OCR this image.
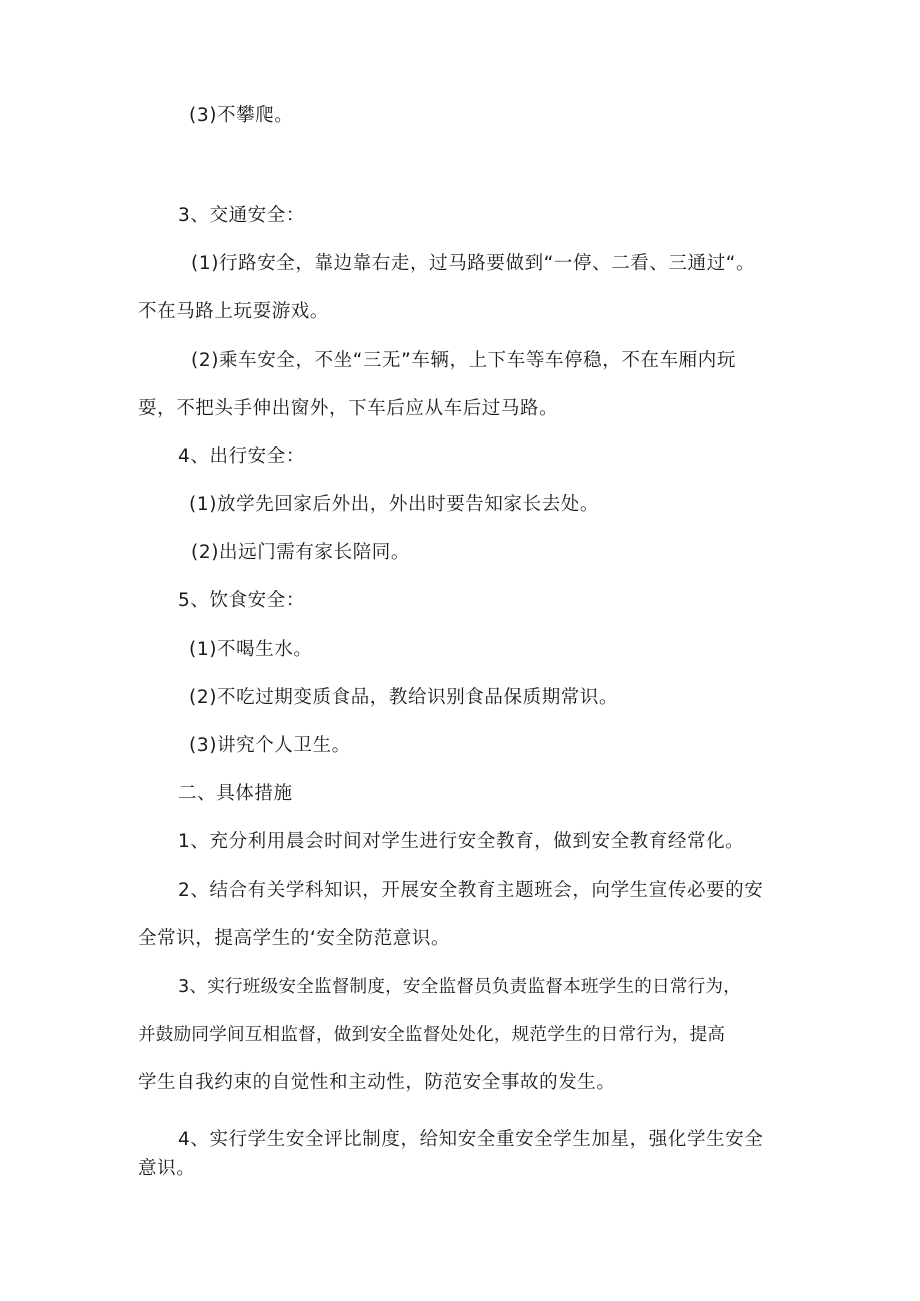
(3)不攀爬。
3、交通安全：
(1)行路安全，靠边靠右走，过马路要做到“一停、二看、三通过“。
不在马路上玩耍游戏。
(2)乘车安全，不坐“三无”车辆，上下车等车停稳，不在车厢内玩
耍，不把头手伸出窗外，下车后应从车后过马路。
4、出行安全：
(1)放学先回家后外出，外出时要告知家长去处。
(2)出远门需有家长陪同。
5、饮食安全：
(1)不喝生水。
(2)不吃过期变质食品，教给识别食品保质期常识。
(3)讲究个人卫生。
二、具体措施
1、充分利用晨会时间对学生进行安全教育，做到安全教育经常化。
2、结合有关学科知识，开展安全教育主题班会，向学生宣传必要的安
全常识，提高学生的‘安全防范意识。
3、实行班级安全监督制度，安全监督员负责监督本班学生的日常行为，
并鼓励同学间互相监督，做到安全监督处处化，规范学生的日常行为，提高
学生自我约束的自觉性和主动性，防范安全事故的发生。
4、实行学生安全评比制度，给知安全重安全学生加星，强化学生安全
意识。
